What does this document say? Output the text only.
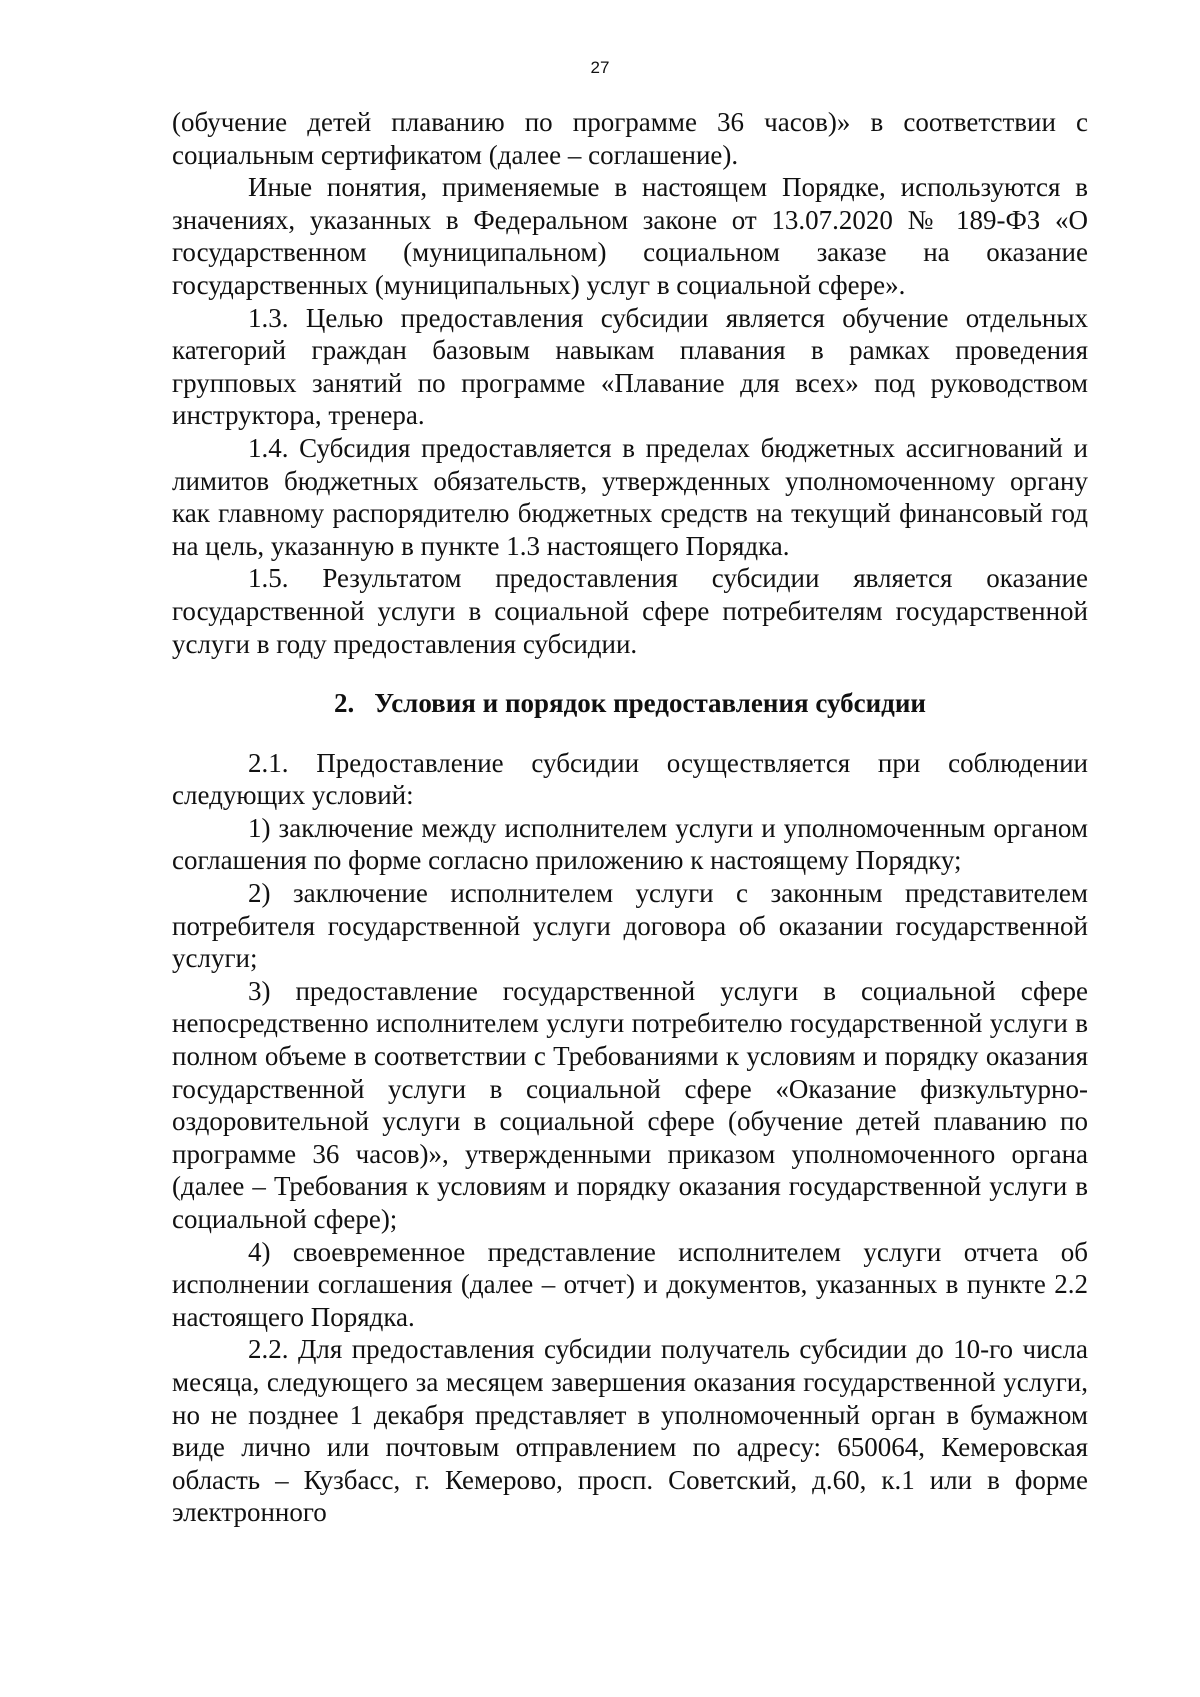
27

(обучение детей плаванию по программе 36 часов)» в соответствии с социальным сертификатом (далее – соглашение).

Иные понятия, применяемые в настоящем Порядке, используются в значениях, указанных в Федеральном законе от 13.07.2020 № 189-ФЗ «О государственном (муниципальном) социальном заказе на оказание государственных (муниципальных) услуг в социальной сфере».

1.3. Целью предоставления субсидии является обучение отдельных категорий граждан базовым навыкам плавания в рамках проведения групповых занятий по программе «Плавание для всех» под руководством инструктора, тренера.

1.4. Субсидия предоставляется в пределах бюджетных ассигнований и лимитов бюджетных обязательств, утвержденных уполномоченному органу как главному распорядителю бюджетных средств на текущий финансовый год на цель, указанную в пункте 1.3 настоящего Порядка.

1.5. Результатом предоставления субсидии является оказание государственной услуги в социальной сфере потребителям государственной услуги в году предоставления субсидии.

2. Условия и порядок предоставления субсидии

2.1. Предоставление субсидии осуществляется при соблюдении следующих условий:

1) заключение между исполнителем услуги и уполномоченным органом соглашения по форме согласно приложению к настоящему Порядку;

2) заключение исполнителем услуги с законным представителем потребителя государственной услуги договора об оказании государственной услуги;

3) предоставление государственной услуги в социальной сфере непосредственно исполнителем услуги потребителю государственной услуги в полном объеме в соответствии с Требованиями к условиям и порядку оказания государственной услуги в социальной сфере «Оказание физкультурно-оздоровительной услуги в социальной сфере (обучение детей плаванию по программе 36 часов)», утвержденными приказом уполномоченного органа (далее – Требования к условиям и порядку оказания государственной услуги в социальной сфере);

4) своевременное представление исполнителем услуги отчета об исполнении соглашения (далее – отчет) и документов, указанных в пункте 2.2 настоящего Порядка.

2.2. Для предоставления субсидии получатель субсидии до 10-го числа месяца, следующего за месяцем завершения оказания государственной услуги, но не позднее 1 декабря представляет в уполномоченный орган в бумажном виде лично или почтовым отправлением по адресу: 650064, Кемеровская область – Кузбасс, г. Кемерово, просп. Советский, д.60, к.1 или в форме электронного
